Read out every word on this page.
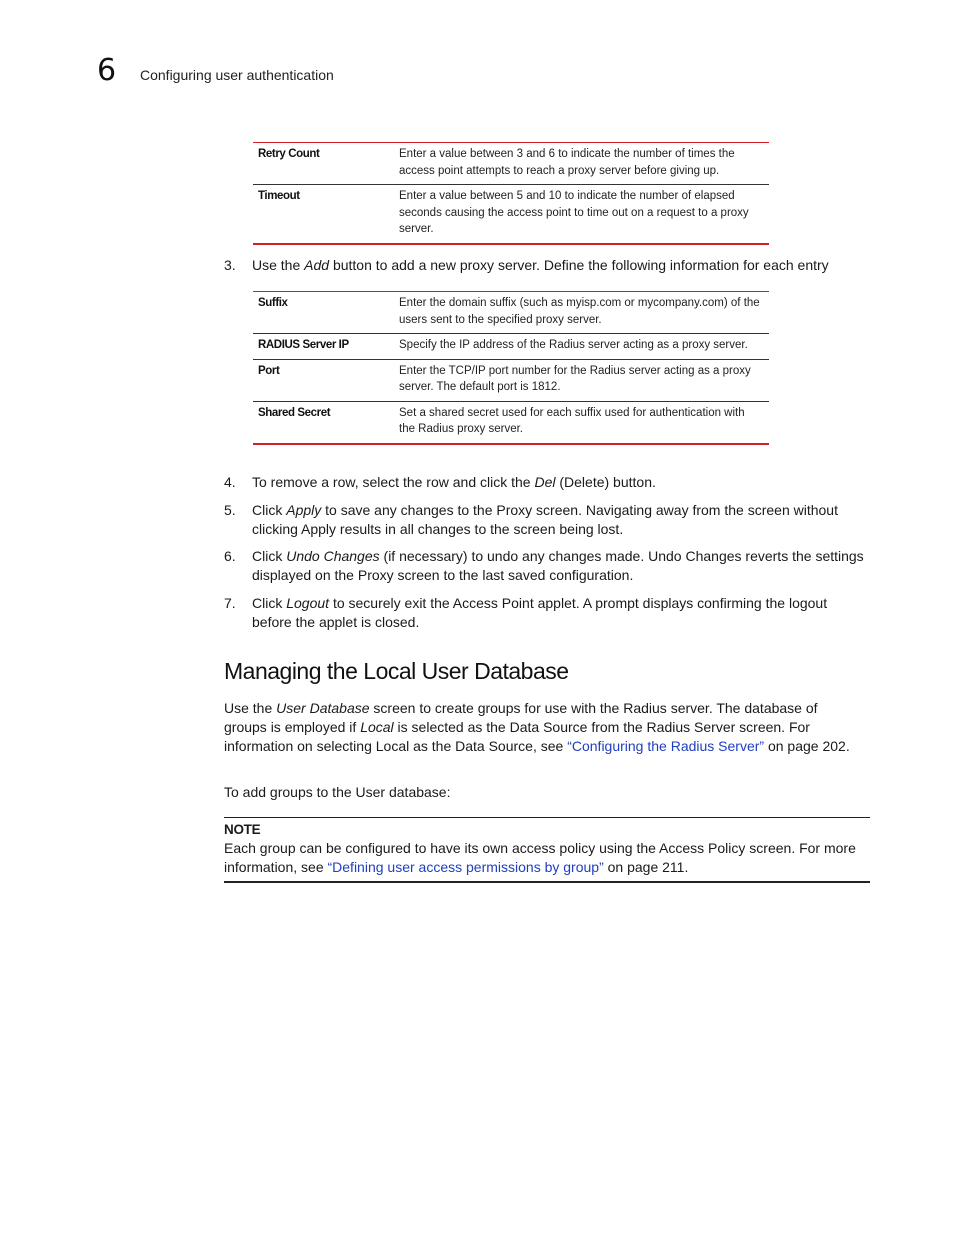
6 Configuring user authentication
Retry Count	Enter a value between 3 and 6 to indicate the number of times the access point attempts to reach a proxy server before giving up.
Timeout	Enter a value between 5 and 10 to indicate the number of elapsed seconds causing the access point to time out on a request to a proxy server.
3. Use the Add button to add a new proxy server. Define the following information for each entry
Suffix	Enter the domain suffix (such as myisp.com or mycompany.com) of the users sent to the specified proxy server.
RADIUS Server IP	Specify the IP address of the Radius server acting as a proxy server.
Port	Enter the TCP/IP port number for the Radius server acting as a proxy server. The default port is 1812.
Shared Secret	Set a shared secret used for each suffix used for authentication with the Radius proxy server.
4. To remove a row, select the row and click the Del (Delete) button.
5. Click Apply to save any changes to the Proxy screen. Navigating away from the screen without clicking Apply results in all changes to the screen being lost.
6. Click Undo Changes (if necessary) to undo any changes made. Undo Changes reverts the settings displayed on the Proxy screen to the last saved configuration.
7. Click Logout to securely exit the Access Point applet. A prompt displays confirming the logout before the applet is closed.
Managing the Local User Database
Use the User Database screen to create groups for use with the Radius server. The database of groups is employed if Local is selected as the Data Source from the Radius Server screen. For information on selecting Local as the Data Source, see “Configuring the Radius Server” on page 202.
To add groups to the User database:
NOTE
Each group can be configured to have its own access policy using the Access Policy screen. For more information, see “Defining user access permissions by group” on page 211.
